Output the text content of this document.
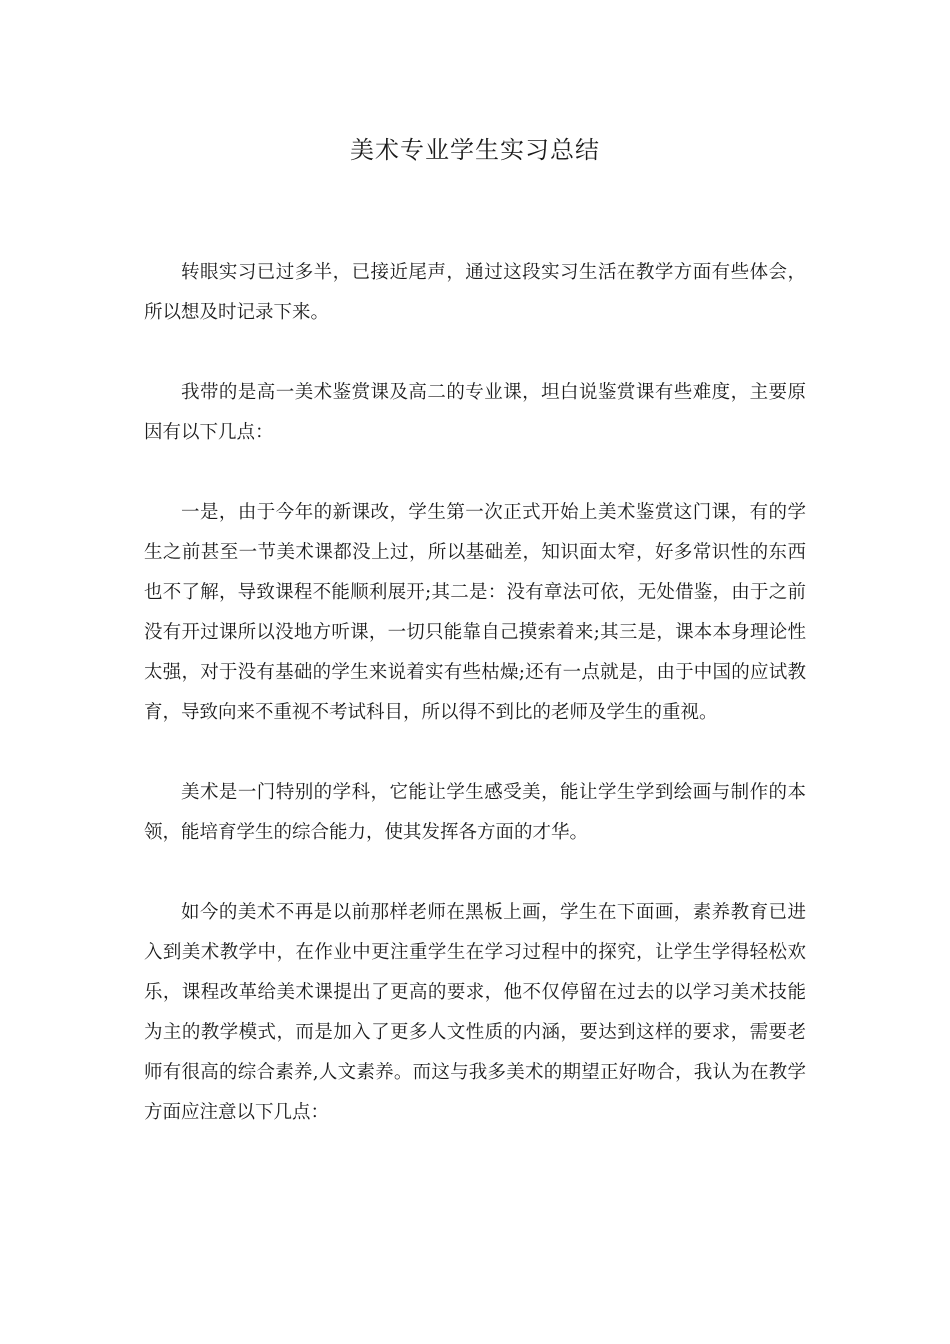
美术专业学生实习总结

转眼实习已过多半，已接近尾声，通过这段实习生活在教学方面有些体会，所以想及时记录下来。

我带的是高一美术鉴赏课及高二的专业课，坦白说鉴赏课有些难度，主要原因有以下几点：

一是，由于今年的新课改，学生第一次正式开始上美术鉴赏这门课，有的学生之前甚至一节美术课都没上过，所以基础差，知识面太窄，好多常识性的东西也不了解，导致课程不能顺利展开;其二是：没有章法可依，无处借鉴，由于之前没有开过课所以没地方听课，一切只能靠自己摸索着来;其三是，课本本身理论性太强，对于没有基础的学生来说着实有些枯燥;还有一点就是，由于中国的应试教育，导致向来不重视不考试科目，所以得不到比的老师及学生的重视。

美术是一门特别的学科，它能让学生感受美，能让学生学到绘画与制作的本领，能培育学生的综合能力，使其发挥各方面的才华。

如今的美术不再是以前那样老师在黑板上画，学生在下面画，素养教育已进入到美术教学中，在作业中更注重学生在学习过程中的探究，让学生学得轻松欢乐，课程改革给美术课提出了更高的要求，他不仅停留在过去的以学习美术技能为主的教学模式，而是加入了更多人文性质的内涵，要达到这样的要求，需要老师有很高的综合素养,人文素养。而这与我多美术的期望正好吻合，我认为在教学方面应注意以下几点：
